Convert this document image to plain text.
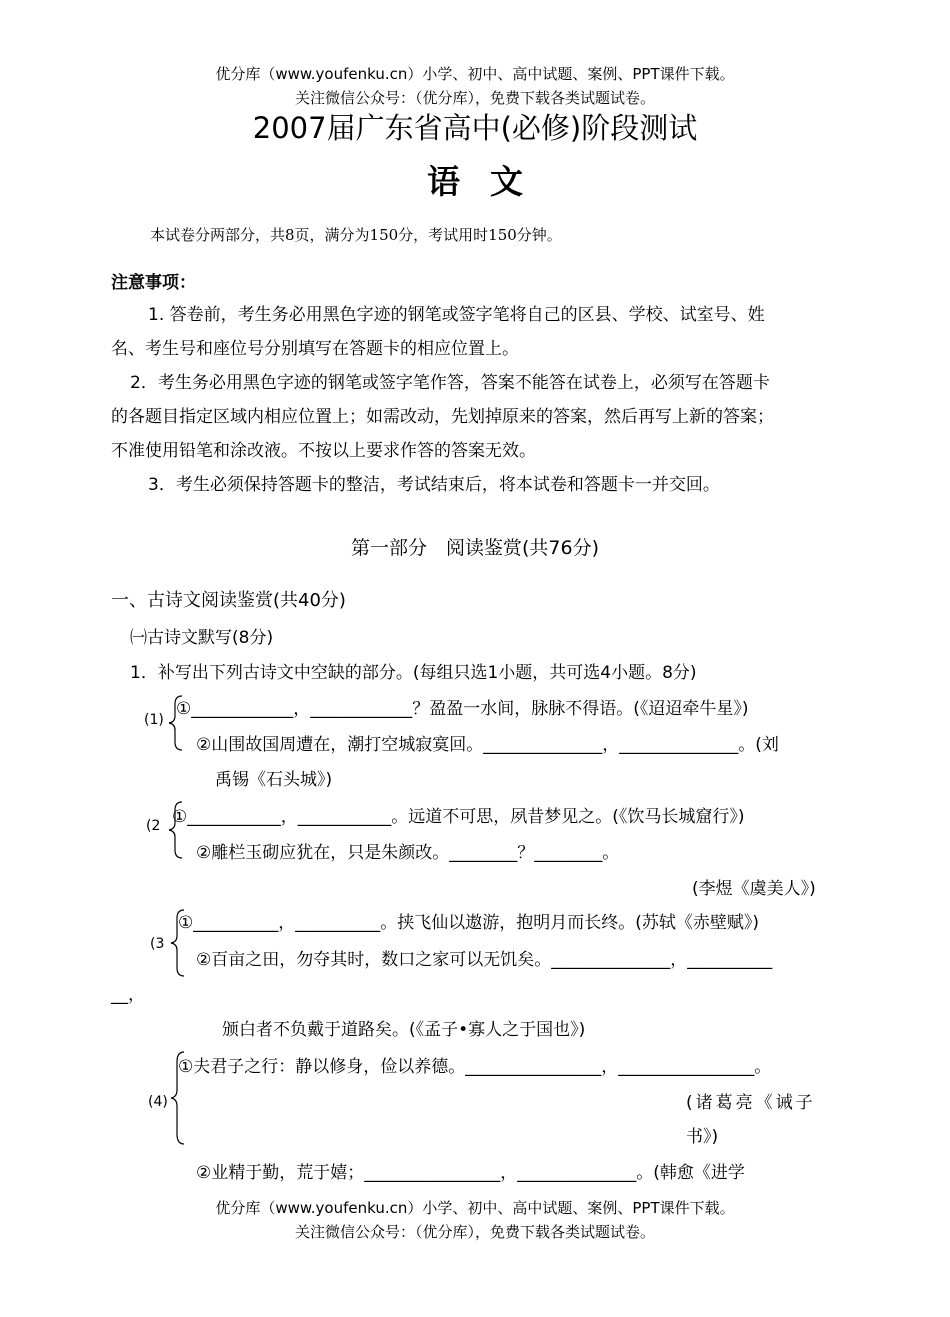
优分库（www.youfenku.cn）小学、初中、高中试题、案例、PPT课件下载。
关注微信公众号：（优分库），免费下载各类试题试卷。
2007届广东省高中(必修)阶段测试
语文
本试卷分两部分，共8页，满分为150分，考试用时150分钟。
注意事项：
1. 答卷前，考生务必用黑色字迹的钢笔或签字笔将自己的区县、学校、试室号、姓
名、考生号和座位号分别填写在答题卡的相应位置上。
2．考生务必用黑色字迹的钢笔或签字笔作答，答案不能答在试卷上，必须写在答题卡
的各题目指定区域内相应位置上；如需改动，先划掉原来的答案，然后再写上新的答案；
不准使用铅笔和涂改液。不按以上要求作答的答案无效。
3．考生必须保持答题卡的整洁，考试结束后，将本试卷和答题卡一并交回。
第一部分　阅读鉴赏(共76分)
一、古诗文阅读鉴赏(共40分)
㈠古诗文默写(8分)
1．补写出下列古诗文中空缺的部分。(每组只选1小题，共可选4小题。8分)
(1)
①____________，____________？盈盈一水间，脉脉不得语。(《迢迢牵牛星》)
②山围故国周遭在，潮打空城寂寞回。______________，______________。(刘
禹锡《石头城》)
(2 ①___________，___________。远道不可思，夙昔梦见之。(《饮马长城窟行》)
②雕栏玉砌应犹在，只是朱颜改。________？________。
(李煜《虞美人》)
(3
①__________，__________。挟飞仙以遨游，抱明月而长终。(苏轼《赤壁赋》)
②百亩之田，勿夺其时，数口之家可以无饥矣。______________，__________
__，
颁白者不负戴于道路矣。(《孟子•寡人之于国也》)
(4)
①夫君子之行：静以修身，俭以养德。________________，________________。
(诸葛亮《诫子
书》)
②业精于勤，荒于嬉；________________，______________。(韩愈《进学
优分库（www.youfenku.cn）小学、初中、高中试题、案例、PPT课件下载。
关注微信公众号：（优分库），免费下载各类试题试卷。
